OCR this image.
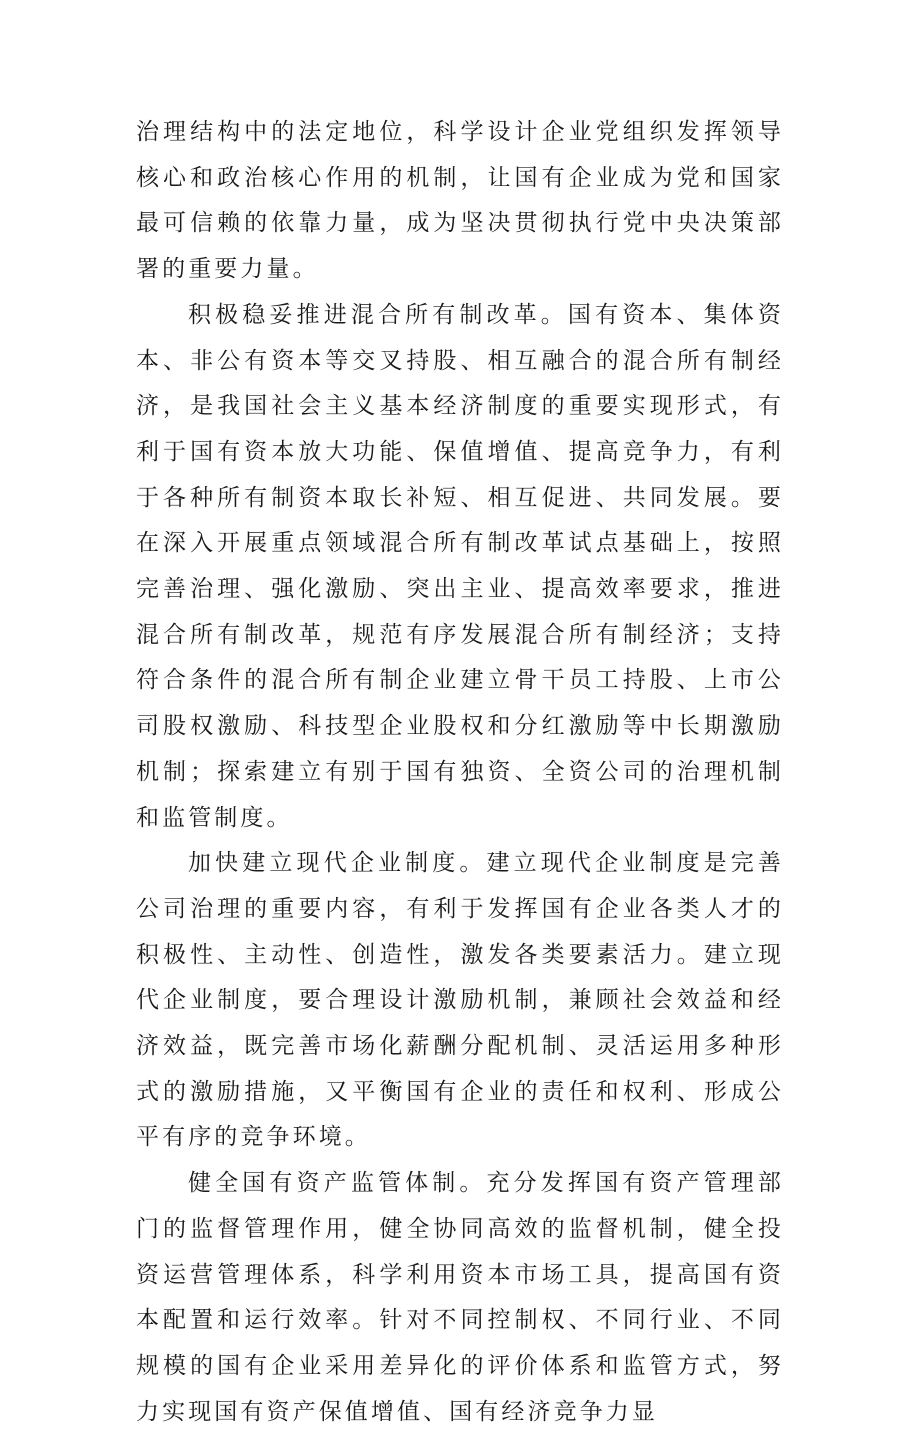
治理结构中的法定地位，科学设计企业党组织发挥领导核心和政治核心作用的机制，让国有企业成为党和国家最可信赖的依靠力量，成为坚决贯彻执行党中央决策部署的重要力量。

积极稳妥推进混合所有制改革。国有资本、集体资本、非公有资本等交叉持股、相互融合的混合所有制经济，是我国社会主义基本经济制度的重要实现形式，有利于国有资本放大功能、保值增值、提高竞争力，有利于各种所有制资本取长补短、相互促进、共同发展。要在深入开展重点领域混合所有制改革试点基础上，按照完善治理、强化激励、突出主业、提高效率要求，推进混合所有制改革，规范有序发展混合所有制经济；支持符合条件的混合所有制企业建立骨干员工持股、上市公司股权激励、科技型企业股权和分红激励等中长期激励机制；探索建立有别于国有独资、全资公司的治理机制和监管制度。

加快建立现代企业制度。建立现代企业制度是完善公司治理的重要内容，有利于发挥国有企业各类人才的积极性、主动性、创造性，激发各类要素活力。建立现代企业制度，要合理设计激励机制，兼顾社会效益和经济效益，既完善市场化薪酬分配机制、灵活运用多种形式的激励措施，又平衡国有企业的责任和权利、形成公平有序的竞争环境。

健全国有资产监管体制。充分发挥国有资产管理部门的监督管理作用，健全协同高效的监督机制，健全投资运营管理体系，科学利用资本市场工具，提高国有资本配置和运行效率。针对不同控制权、不同行业、不同规模的国有企业采用差异化的评价体系和监管方式，努力实现国有资产保值增值、国有经济竞争力显
